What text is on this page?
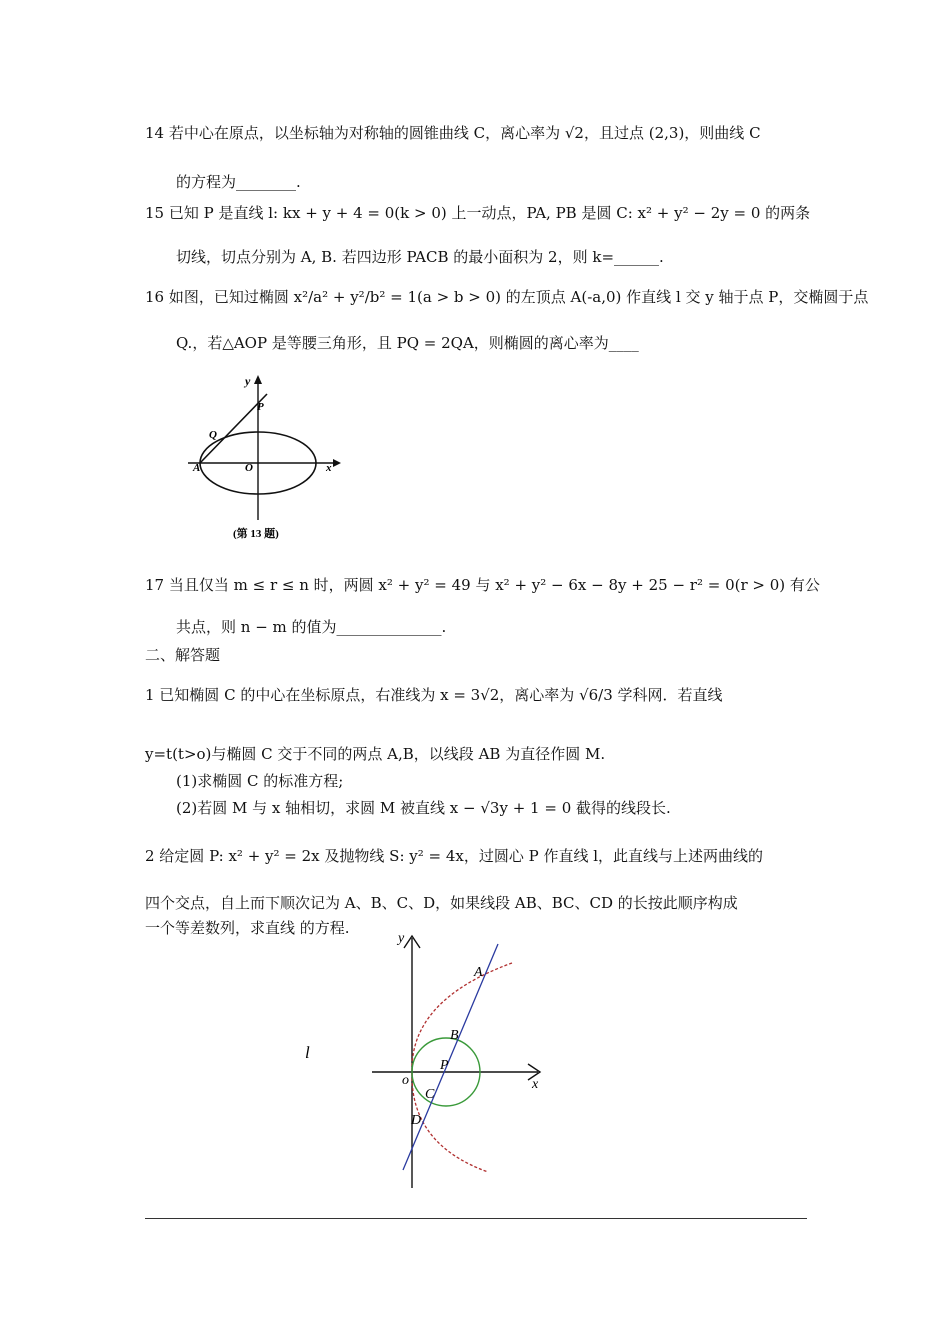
14 若中心在原点，以坐标轴为对称轴的圆锥曲线 C，离心率为 √2，且过点 (2,3)，则曲线 C
的方程为________.
15 已知 P 是直线 l: kx + y + 4 = 0(k > 0) 上一动点，PA, PB 是圆 C: x² + y² − 2y = 0 的两条
切线，切点分别为 A, B. 若四边形 PACB 的最小面积为 2，则 k=______.
16 如图，已知过椭圆 x²/a² + y²/b² = 1(a > b > 0) 的左顶点 A(-a,0) 作直线 l 交 y 轴于点 P，交椭圆于点
Q.，若△AOP 是等腰三角形，且 PQ = 2QA，则椭圆的离心率为____
y
P
Q
A	O	x
(第 13 题)
17 当且仅当 m ≤ r ≤ n 时，两圆 x² + y² = 49 与 x² + y² − 6x − 8y + 25 − r² = 0(r > 0) 有公
共点，则 n − m 的值为______________.
二、解答题
1 已知椭圆 C 的中心在坐标原点，右准线为 x = 3√2，离心率为 √6/3 学科网．若直线
y=t(t>o)与椭圆 C 交于不同的两点 A,B，以线段 AB 为直径作圆 M.
(1)求椭圆 C 的标准方程;
(2)若圆 M 与 x 轴相切，求圆 M 被直线 x − √3y + 1 = 0 截得的线段长.
2 给定圆 P: x² + y² = 2x 及抛物线 S: y² = 4x，过圆心 P 作直线 l，此直线与上述两曲线的
四个交点，自上而下顺次记为 A、B、C、D，如果线段 AB、BC、CD 的长按此顺序构成
一个等差数列，求直线 的方程.
y
A
B
P
o
C
D
x
l
